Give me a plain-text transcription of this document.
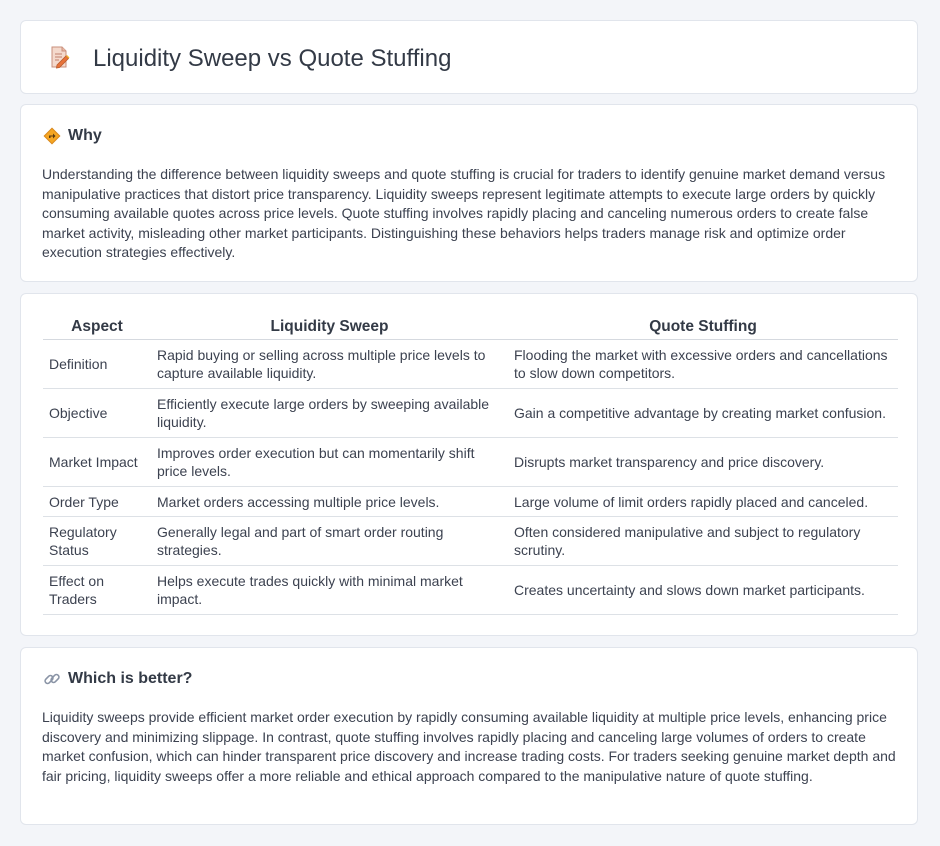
Liquidity Sweep vs Quote Stuffing
Why

Understanding the difference between liquidity sweeps and quote stuffing is crucial for traders to identify genuine market demand versus manipulative practices that distort price transparency. Liquidity sweeps represent legitimate attempts to execute large orders by quickly consuming available quotes across price levels. Quote stuffing involves rapidly placing and canceling numerous orders to create false market activity, misleading other market participants. Distinguishing these behaviors helps traders manage risk and optimize order execution strategies effectively.

Aspect	Liquidity Sweep	Quote Stuffing
Definition	Rapid buying or selling across multiple price levels to capture available liquidity.	Flooding the market with excessive orders and cancellations to slow down competitors.
Objective	Efficiently execute large orders by sweeping available liquidity.	Gain a competitive advantage by creating market confusion.
Market Impact	Improves order execution but can momentarily shift price levels.	Disrupts market transparency and price discovery.
Order Type	Market orders accessing multiple price levels.	Large volume of limit orders rapidly placed and canceled.
Regulatory Status	Generally legal and part of smart order routing strategies.	Often considered manipulative and subject to regulatory scrutiny.
Effect on Traders	Helps execute trades quickly with minimal market impact.	Creates uncertainty and slows down market participants.
Which is better?

Liquidity sweeps provide efficient market order execution by rapidly consuming available liquidity at multiple price levels, enhancing price discovery and minimizing slippage. In contrast, quote stuffing involves rapidly placing and canceling large volumes of orders to create market confusion, which can hinder transparent price discovery and increase trading costs. For traders seeking genuine market depth and fair pricing, liquidity sweeps offer a more reliable and ethical approach compared to the manipulative nature of quote stuffing.
